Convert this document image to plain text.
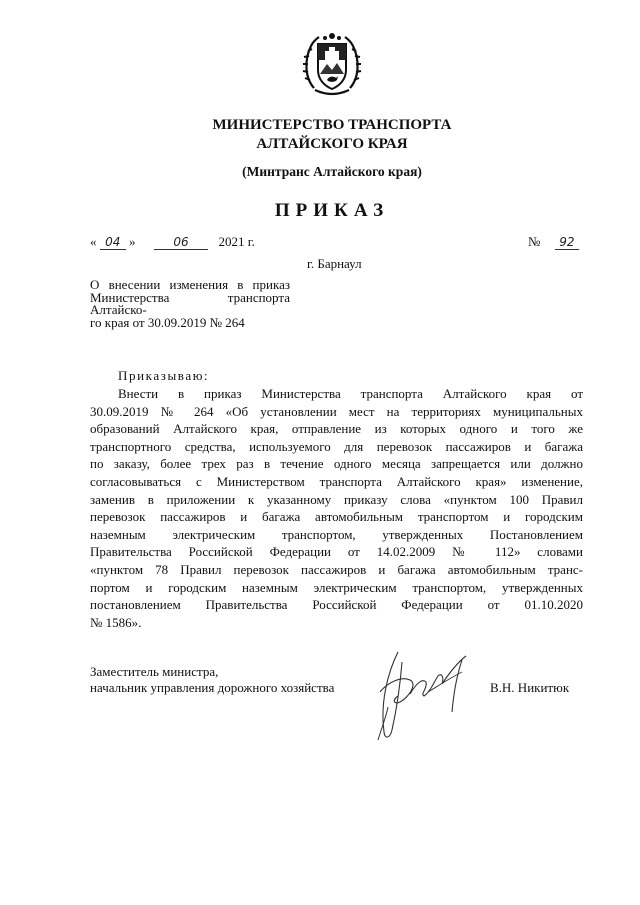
МИНИСТЕРСТВО ТРАНСПОРТА
АЛТАЙСКОГО КРАЯ
(Минтранс Алтайского края)
ПРИКАЗ
« 04 »	06 2021 г.	№ 92
г. Барнаул
О внесении изменения в приказ
Министерства транспорта Алтайско-
го края от 30.09.2019 № 264
Приказываю:
Внести в приказ Министерства транспорта Алтайского края от
30.09.2019 № 264 «Об установлении мест на территориях муниципальных
образований Алтайского края, отправление из которых одного и того же
транспортного средства, используемого для перевозок пассажиров и багажа
по заказу, более трех раз в течение одного месяца запрещается или должно
согласовываться с Министерством транспорта Алтайского края» изменение,
заменив в приложении к указанному приказу слова «пунктом 100 Правил
перевозок пассажиров и багажа автомобильным транспортом и городским
наземным электрическим транспортом, утвержденных Постановлением
Правительства Российской Федерации от 14.02.2009 № 112» словами
«пунктом 78 Правил перевозок пассажиров и багажа автомобильным транс-
портом и городским наземным электрическим транспортом, утвержденных
постановлением Правительства Российской Федерации от 01.10.2020
№ 1586».
Заместитель министра,
начальник управления дорожного хозяйства	В.Н. Никитюк
